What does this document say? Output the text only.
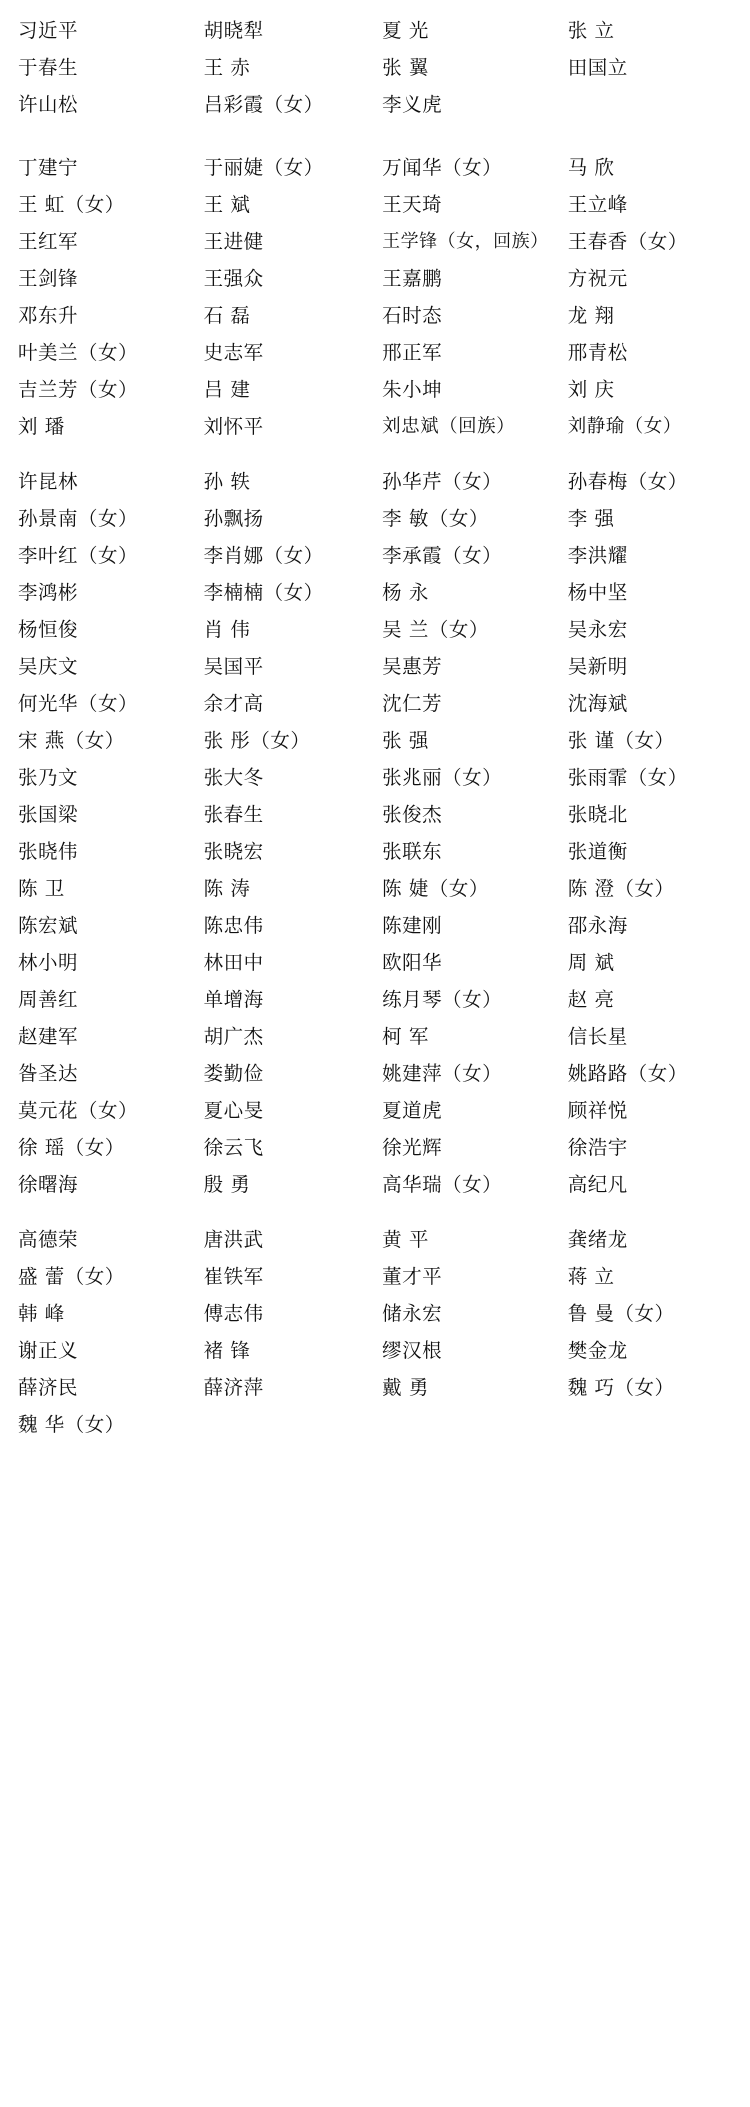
习近平	胡晓犁	夏 光	张 立

于春生	王 赤	张 翼	田国立

许山松	吕彩霞（女）	李义虎	

丁建宁	于丽婕（女）	万闻华（女）	马 欣

王 虹（女）	王 斌	王天琦	王立峰

王红军	王进健	王学锋（女，回族）	王春香（女）

王剑锋	王强众	王嘉鹏	方祝元

邓东升	石 磊	石时态	龙 翔

叶美兰（女）	史志军	邢正军	邢青松

吉兰芳（女）	吕 建	朱小坤	刘 庆

刘 璠	刘怀平	刘忠斌（回族）	刘静瑜（女）

许昆林	孙 轶	孙华芹（女）	孙春梅（女）

孙景南（女）	孙飘扬	李 敏（女）	李 强

李叶红（女）	李肖娜（女）	李承霞（女）	李洪耀

李鸿彬	李楠楠（女）	杨 永	杨中坚

杨恒俊	肖 伟	吴 兰（女）	吴永宏

吴庆文	吴国平	吴惠芳	吴新明

何光华（女）	余才高	沈仁芳	沈海斌

宋 燕（女）	张 彤（女）	张 强	张 谨（女）

张乃文	张大冬	张兆丽（女）	张雨霏（女）

张国梁	张春生	张俊杰	张晓北

张晓伟	张晓宏	张联东	张道衡

陈 卫	陈 涛	陈 婕（女）	陈 澄（女）

陈宏斌	陈忠伟	陈建刚	邵永海

林小明	林田中	欧阳华	周 斌

周善红	单增海	练月琴（女）	赵 亮

赵建军	胡广杰	柯 军	信长星

昝圣达	娄勤俭	姚建萍（女）	姚路路（女）

莫元花（女）	夏心旻	夏道虎	顾祥悦

徐 瑶（女）	徐云飞	徐光辉	徐浩宇

徐曙海	殷 勇	高华瑞（女）	高纪凡

高德荣	唐洪武	黄 平	龚绪龙

盛 蕾（女）	崔铁军	董才平	蒋 立

韩 峰	傅志伟	储永宏	鲁 曼（女）

谢正义	褚 锋	缪汉根	樊金龙

薛济民	薛济萍	戴 勇	魏 巧（女）

魏 华（女）			
